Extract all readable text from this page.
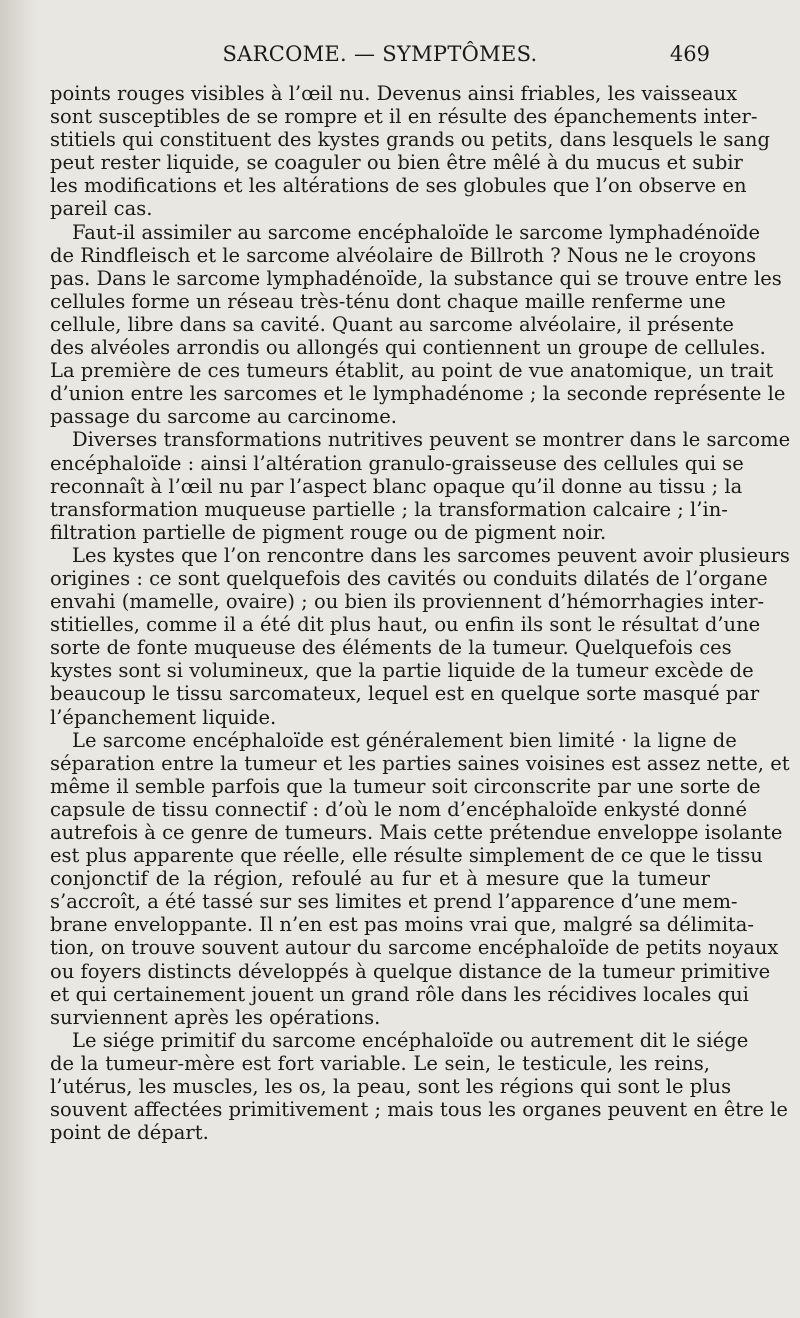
SARCOME. — SYMPTÔMES.	469
points rouges visibles à l’œil nu. Devenus ainsi friables, les vaisseaux
sont susceptibles de se rompre et il en résulte des épanchements inter-
stitiels qui constituent des kystes grands ou petits, dans lesquels le sang
peut rester liquide, se coaguler ou bien être mêlé à du mucus et subir
les modifications et les altérations de ses globules que l’on observe en
pareil cas.
Faut-il assimiler au sarcome encéphaloïde le sarcome lymphadénoïde
de Rindfleisch et le sarcome alvéolaire de Billroth ? Nous ne le croyons
pas. Dans le sarcome lymphadénoïde, la substance qui se trouve entre les
cellules forme un réseau très-ténu dont chaque maille renferme une
cellule, libre dans sa cavité. Quant au sarcome alvéolaire, il présente
des alvéoles arrondis ou allongés qui contiennent un groupe de cellules.
La première de ces tumeurs établit, au point de vue anatomique, un trait
d’union entre les sarcomes et le lymphadénome ; la seconde représente le
passage du sarcome au carcinome.
Diverses transformations nutritives peuvent se montrer dans le sarcome
encéphaloïde : ainsi l’altération granulo-graisseuse des cellules qui se
reconnaît à l’œil nu par l’aspect blanc opaque qu’il donne au tissu ; la
transformation muqueuse partielle ; la transformation calcaire ; l’in-
filtration partielle de pigment rouge ou de pigment noir.
Les kystes que l’on rencontre dans les sarcomes peuvent avoir plusieurs
origines : ce sont quelquefois des cavités ou conduits dilatés de l’organe
envahi (mamelle, ovaire) ; ou bien ils proviennent d’hémorrhagies inter-
stitielles, comme il a été dit plus haut, ou enfin ils sont le résultat d’une
sorte de fonte muqueuse des éléments de la tumeur. Quelquefois ces
kystes sont si volumineux, que la partie liquide de la tumeur excède de
beaucoup le tissu sarcomateux, lequel est en quelque sorte masqué par
l’épanchement liquide.
Le sarcome encéphaloïde est généralement bien limité · la ligne de
séparation entre la tumeur et les parties saines voisines est assez nette, et
même il semble parfois que la tumeur soit circonscrite par une sorte de
capsule de tissu connectif : d’où le nom d’encéphaloïde enkysté donné
autrefois à ce genre de tumeurs. Mais cette prétendue enveloppe isolante
est plus apparente que réelle, elle résulte simplement de ce que le tissu
conjonctif de la région, refoulé au fur et à mesure que la tumeur
s’accroît, a été tassé sur ses limites et prend l’apparence d’une mem-
brane enveloppante. Il n’en est pas moins vrai que, malgré sa délimita-
tion, on trouve souvent autour du sarcome encéphaloïde de petits noyaux
ou foyers distincts développés à quelque distance de la tumeur primitive
et qui certainement jouent un grand rôle dans les récidives locales qui
surviennent après les opérations.
Le siége primitif du sarcome encéphaloïde ou autrement dit le siége
de la tumeur-mère est fort variable. Le sein, le testicule, les reins,
l’utérus, les muscles, les os, la peau, sont les régions qui sont le plus
souvent affectées primitivement ; mais tous les organes peuvent en être le
point de départ.
